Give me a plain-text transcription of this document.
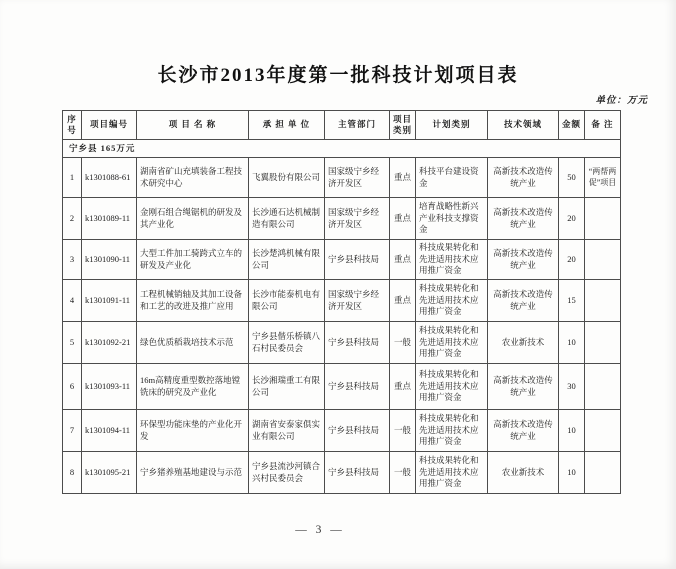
长沙市2013年度第一批科技计划项目表
单位：万元
序号	项目编号	项 目 名 称	承 担 单 位	主管部门	项目类别	计划类别	技术领域	金额	备 注
宁乡县 165万元									
1	k1301088-61	湖南省矿山充填装备工程技术研究中心	飞翼股份有限公司	国家级宁乡经济开发区	重点	科技平台建设资金	高新技术改造传统产业	50	“两帮两促”项目
2	k1301089-11	金刚石组合绳锯机的研发及其产业化	长沙通石达机械制造有限公司	国家级宁乡经济开发区	重点	培育战略性新兴产业科技支撑资金	高新技术改造传统产业	20	
3	k1301090-11	大型工件加工骑跨式立车的研发及产业化	长沙楚鸿机械有限公司	宁乡县科技局	重点	科技成果转化和先进适用技术应用推广资金	高新技术改造传统产业	20	
4	k1301091-11	工程机械销轴及其加工设备和工艺的改进及推广应用	长沙市能泰机电有限公司	国家级宁乡经济开发区	重点	科技成果转化和先进适用技术应用推广资金	高新技术改造传统产业	15	
5	k1301092-21	绿色优质稻栽培技术示范	宁乡县偕乐桥镇八石村民委员会	宁乡县科技局	一般	科技成果转化和先进适用技术应用推广资金	农业新技术	10	
6	k1301093-11	16m高精度重型数控落地镗铣床的研究及产业化	长沙湘瑞重工有限公司	宁乡县科技局	重点	科技成果转化和先进适用技术应用推广资金	高新技术改造传统产业	30	
7	k1301094-11	环保型功能床垫的产业化开发	湖南省安泰家俱实业有限公司	宁乡县科技局	一般	科技成果转化和先进适用技术应用推广资金	高新技术改造传统产业	10	
8	k1301095-21	宁乡猪养殖基地建设与示范	宁乡县流沙河镇合兴村民委员会	宁乡县科技局	一般	科技成果转化和先进适用技术应用推广资金	农业新技术	10	
— 3 —
